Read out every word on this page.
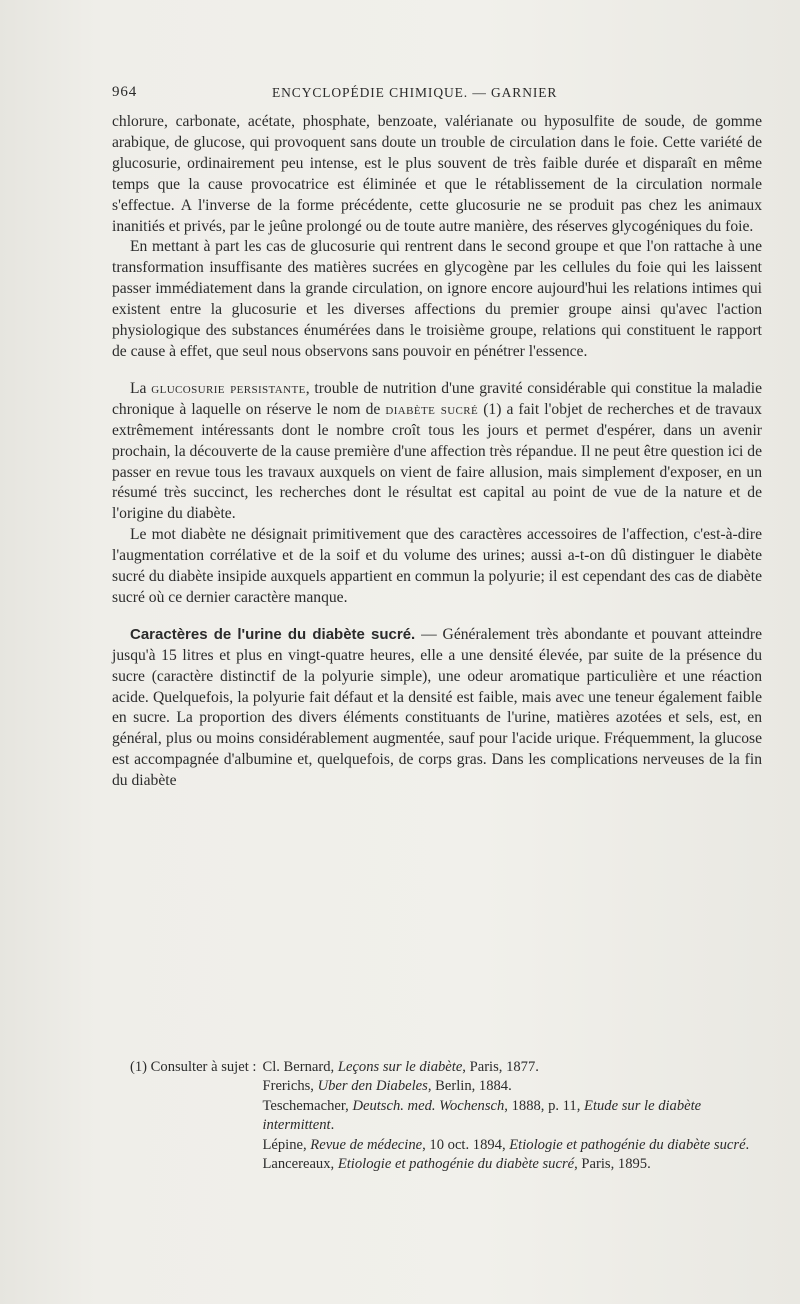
964	ENCYCLOPÉDIE CHIMIQUE. — GARNIER

chlorure, carbonate, acétate, phosphate, benzoate, valérianate ou hyposulfite de soude, de gomme arabique, de glucose, qui provoquent sans doute un trouble de circulation dans le foie. Cette variété de glucosurie, ordinairement peu intense, est le plus souvent de très faible durée et disparaît en même temps que la cause provocatrice est éliminée et que le rétablissement de la circulation normale s'effectue. A l'inverse de la forme précédente, cette glucosurie ne se produit pas chez les animaux inanitiés et privés, par le jeûne prolongé ou de toute autre manière, des réserves glycogéniques du foie.

En mettant à part les cas de glucosurie qui rentrent dans le second groupe et que l'on rattache à une transformation insuffisante des matières sucrées en glycogène par les cellules du foie qui les laissent passer immédiatement dans la grande circulation, on ignore encore aujourd'hui les relations intimes qui existent entre la glucosurie et les diverses affections du premier groupe ainsi qu'avec l'action physiologique des substances énumérées dans le troisième groupe, relations qui constituent le rapport de cause à effet, que seul nous observons sans pouvoir en pénétrer l'essence.

La glucosurie persistante, trouble de nutrition d'une gravité considérable qui constitue la maladie chronique à laquelle on réserve le nom de diabète sucré (1) a fait l'objet de recherches et de travaux extrêmement intéressants dont le nombre croît tous les jours et permet d'espérer, dans un avenir prochain, la découverte de la cause première d'une affection très répandue. Il ne peut être question ici de passer en revue tous les travaux auxquels on vient de faire allusion, mais simplement d'exposer, en un résumé très succinct, les recherches dont le résultat est capital au point de vue de la nature et de l'origine du diabète.

Le mot diabète ne désignait primitivement que des caractères accessoires de l'affection, c'est-à-dire l'augmentation corrélative et de la soif et du volume des urines; aussi a-t-on dû distinguer le diabète sucré du diabète insipide auxquels appartient en commun la polyurie; il est cependant des cas de diabète sucré où ce dernier caractère manque.

Caractères de l'urine du diabète sucré. — Généralement très abondante et pouvant atteindre jusqu'à 15 litres et plus en vingt-quatre heures, elle a une densité élevée, par suite de la présence du sucre (caractère distinctif de la polyurie simple), une odeur aromatique particulière et une réaction acide. Quelquefois, la polyurie fait défaut et la densité est faible, mais avec une teneur également faible en sucre. La proportion des divers éléments constituants de l'urine, matières azotées et sels, est, en général, plus ou moins considérablement augmentée, sauf pour l'acide urique. Fréquemment, la glucose est accompagnée d'albumine et, quelquefois, de corps gras. Dans les complications nerveuses de la fin du diabète

(1) Consulter à sujet : Cl. Bernard, Leçons sur le diabète, Paris, 1877.
Frerichs, Uber den Diabeles, Berlin, 1884.
Teschemacher, Deutsch. med. Wochensch, 1888, p. 11, Etude sur le diabète intermittent.
Lépine, Revue de médecine, 10 oct. 1894, Etiologie et pathogénie du diabète sucré.
Lancereaux, Etiologie et pathogénie du diabète sucré, Paris, 1895.
